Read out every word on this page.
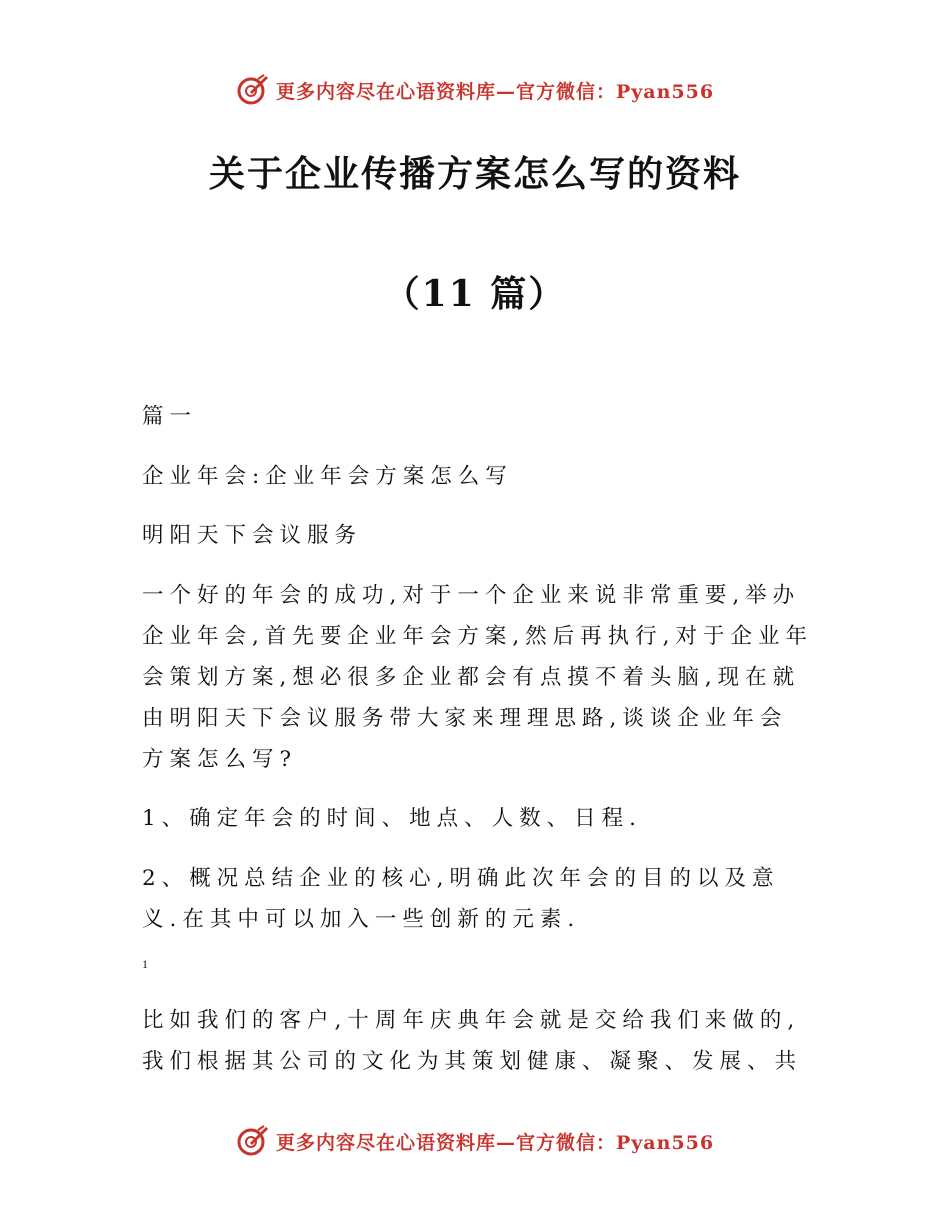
更多内容尽在心语资料库—官方微信：Pyan556
关于企业传播方案怎么写的资料
（11 篇）

篇一

企业年会:企业年会方案怎么写

明阳天下会议服务

一个好的年会的成功,对于一个企业来说非常重要,举办企业年会,首先要企业年会方案,然后再执行,对于企业年会策划方案,想必很多企业都会有点摸不着头脑,现在就由明阳天下会议服务带大家来理理思路,谈谈企业年会方案怎么写?

1、确定年会的时间、地点、人数、日程.

2、概况总结企业的核心,明确此次年会的目的以及意义.在其中可以加入一些创新的元素.

1

比如我们的客户,十周年庆典年会就是交给我们来做的,我们根据其公司的文化为其策划健康、凝聚、发展、共

更多内容尽在心语资料库—官方微信：Pyan556
